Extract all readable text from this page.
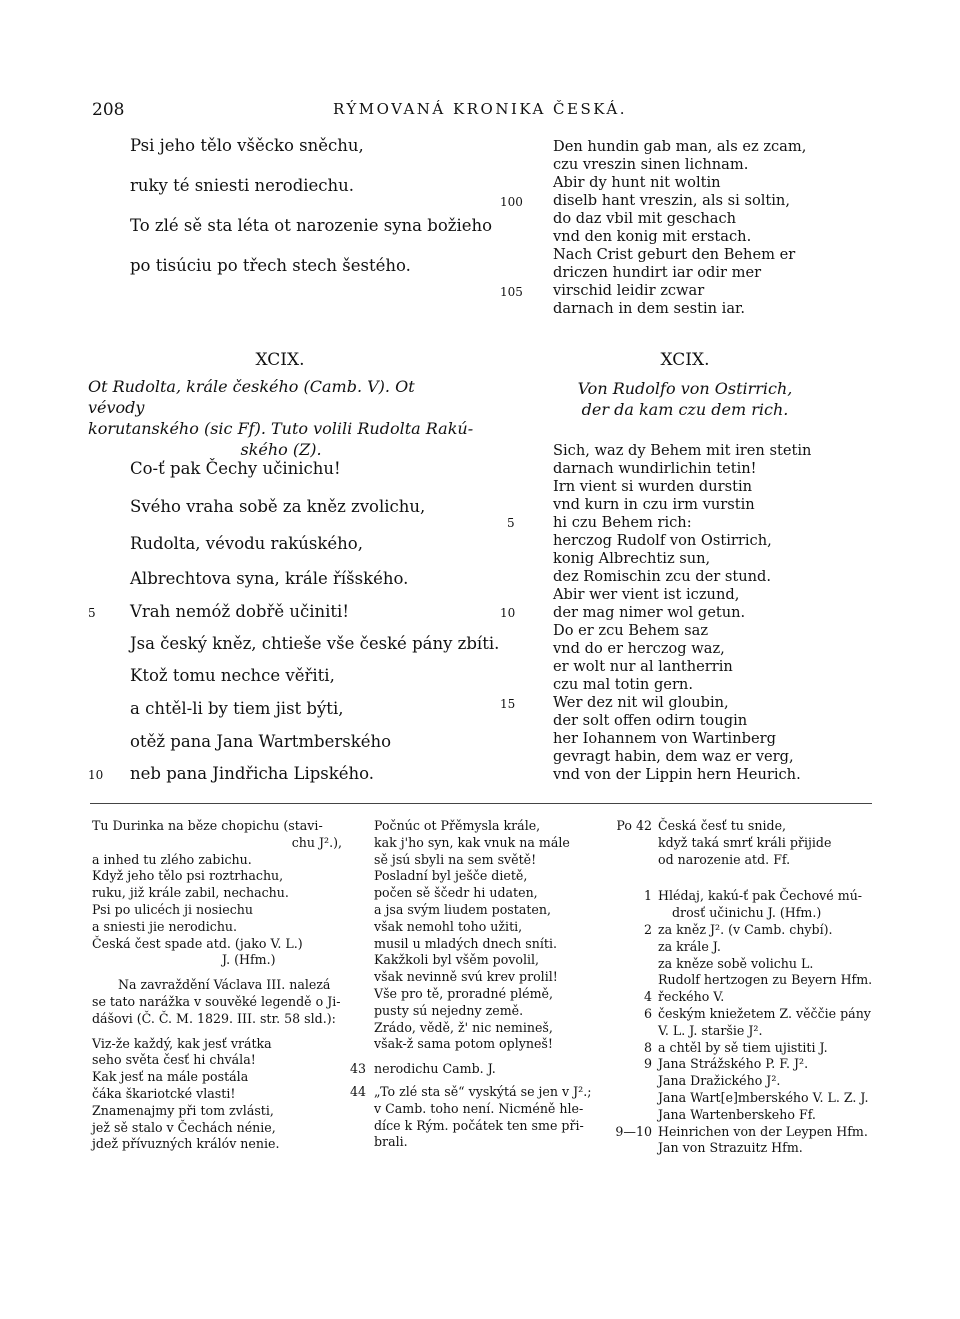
208	RÝMOVANÁ KRONIKA ČESKÁ.
Psi jeho tělo všěcko sněchu,
ruky té sniesti nerodiechu.
To zlé sě sta léta ot narozenie syna božieho
po tisúciu po třech stech šestého.
Den hundin gab man, als ez zcam,
czu vreszin sinen lichnam.
Abir dy hunt nit woltin
diselb hant vreszin, als si soltin,
do daz vbil mit geschach
vnd den konig mit erstach.
Nach Crist geburt den Behem er
driczen hundirt iar odir mer
virschid leidir zcwar
darnach in dem sestin iar.
100
105
XCIX.
Ot Rudolta, krále českého (Camb. V). Ot vévody
korutanského (sic Ff). Tuto volili Rudolta Rakú-
ského (Z).
Co-ť pak Čechy učinichu!
Svého vraha sobě za kněz zvolichu,
Rudolta, vévodu rakúského,
Albrechtova syna, krále říšského.
Vrah nemóž dobřě učiniti!
Jsa český kněz, chtieše vše české pány zbíti.
Ktož tomu nechce věřiti,
a chtěl-li by tiem jist býti,
otěž pana Jana Wartmberského
neb pana Jindřicha Lipského.
5
10
XCIX.
Von Rudolfo von Ostirrich,
der da kam czu dem rich.
Sich, waz dy Behem mit iren stetin
darnach wundirlichin tetin!
Irn vient si wurden durstin
vnd kurn in czu irm vurstin
hi czu Behem rich:
herczog Rudolf von Ostirrich,
konig Albrechtiz sun,
dez Romischin zcu der stund.
Abir wer vient ist iczund,
der mag nimer wol getun.
Do er zcu Behem saz
vnd do er herczog waz,
er wolt nur al lantherrin
czu mal totin gern.
Wer dez nit wil gloubin,
der solt offen odirn tougin
her Iohannem von Wartinberg
gevragt habin, dem waz er verg,
vnd von der Lippin hern Heurich.
5
10
15
Tu Durinka na běze chopichu (stavi-
chu J².),
a inhed tu zlého zabichu.
Když jeho tělo psi roztrhachu,
ruku, již krále zabil, nechachu.
Psi po ulicéch ji nosiechu
a sniesti jie nerodichu.
Česká čest spade atd. (jako V. L.)
J. (Hfm.)
Na zavraždění Václava III. nalezá
se tato narážka v souvěké legendě o Ji-
dášovi (Č. Č. M. 1829. III. str. 58 sld.):
Viz-že každý, kak jesť vrátka
seho světa česť hi chvála!
Kak jesť na mále postála
čáka škariotcké vlasti!
Znamenajmy při tom zvlásti,
jež sě stalo v Čechách nénie,
jdež přívuzných králóv nenie.
Počnúc ot Přěmysla krále,
kak j'ho syn, kak vnuk na mále
sě jsú sbyli na sem světě!
Posladní byl ješče dietě,
počen sě ščedr hi udaten,
a jsa svým liudem postaten,
však nemohl toho užiti,
musil u mladých dnech sníti.
Kakžkoli byl všěm povolil,
však nevinně svú krev prolil!
Vše pro tě, proradné plémě,
pusty sú nejedny země.
Zrádo, vědě, ž' nic nemineš,
však-ž sama potom oplyneš!
43 nerodichu Camb. J.
44 „To zlé sta sě“ vyskýtá se jen v J².;
v Camb. toho není. Nicméně hle-
díce k Rým. počátek ten sme při-
brali.
Po 42 Česká česť tu snide,
když taká smrť králi přijide
od narozenie atd. Ff.
1 Hlédaj, kakú-ť pak Čechové mú-
drosť učinichu J. (Hfm.)
2 za kněz J². (v Camb. chybí).
za krále J.
za kněze sobě volichu L.
Rudolf hertzogen zu Beyern Hfm.
4 řeckého V.
6 českým kniežetem Z. věččie pány
V. L. J. staršie J².
8 a chtěl by sě tiem ujistiti J.
9 Jana Strážského P. F. J².
Jana Dražického J².
Jana Wart[e]mberského V. L. Z. J.
Jana Wartenberskeho Ff.
9—10 Heinrichen von der Leypen Hfm.
Jan von Strazuitz Hfm.
